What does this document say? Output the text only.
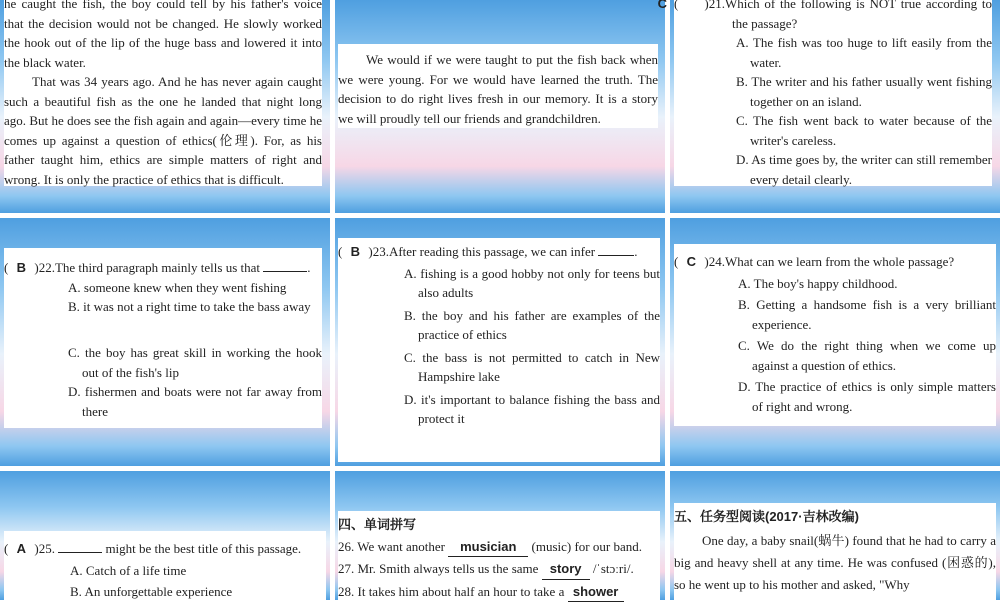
he caught the fish, the boy could tell by his father's voice that the decision would not be changed. He slowly worked the hook out of the lip of the huge bass and lowered it into the black water.

That was 34 years ago. And he has never again caught such a beautiful fish as the one he landed that night long ago. But he does see the fish again and again—every time he comes up against a question of ethics(伦理). For, as his father taught him, ethics are simple matters of right and wrong. It is only the practice of ethics that is difficult.

We would if we were taught to put the fish back when we were young. For we would have learned the truth. The decision to do right lives fresh in our memory. It is a story we will proudly tell our friends and grandchildren.

(C	)21.Which of the following is NOT true according to the passage?
A. The fish was too huge to lift easily from the water.
B. The writer and his father usually went fishing together on an island.
C. The fish went back to water because of the writer's careless.
D. As time goes by, the writer can still remember every detail clearly.
( B )22.The third paragraph mainly tells us that	.
A. someone knew when they went fishing
B. it was not a right time to take the bass away
C. the boy has great skill in working the hook out of the fish's lip
D. fishermen and boats were not far away from there
( B )23.After reading this passage, we can infer	.
A. fishing is a good hobby not only for teens but also adults
B. the boy and his father are examples of the practice of ethics
C. the bass is not permitted to catch in New Hampshire lake
D. it's important to balance fishing the bass and protect it
( C )24.What can we learn from the whole passage?
A. The boy's happy childhood.
B. Getting a handsome fish is a very brilliant experience.
C. We do the right thing when we come up against a question of ethics.
D. The practice of ethics is only simple matters of right and wrong.
( A )25.	might be the best title of this passage.
A. Catch of a life time
B. An unforgettable experience
四、单词拼写
26. We want another musician (music) for our band.
27. Mr. Smith always tells us the same story /ˈstɔːri/.
28. It takes him about half an hour to take a shower
五、任务型阅读(2017·吉林改编)

One day, a baby snail(蜗牛) found that he had to carry a big and heavy shell at any time. He was confused (困惑的), so he went up to his mother and asked, "Why
